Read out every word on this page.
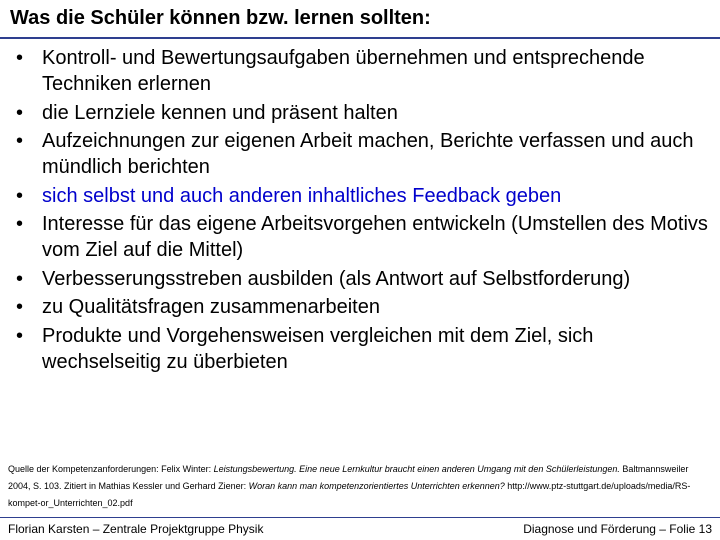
Was die Schüler können bzw. lernen sollten:
• Kontroll- und Bewertungsaufgaben übernehmen und entsprechende Techniken erlernen
• die Lernziele kennen und präsent halten
• Aufzeichnungen zur eigenen Arbeit machen, Berichte verfassen und auch mündlich berichten
• sich selbst und auch anderen inhaltliches Feedback geben
• Interesse für das eigene Arbeitsvorgehen entwickeln (Umstellen des Motivs vom Ziel auf die Mittel)
• Verbesserungsstreben ausbilden (als Antwort auf Selbstforderung)
• zu Qualitätsfragen zusammenarbeiten
• Produkte und Vorgehensweisen vergleichen mit dem Ziel, sich wechselseitig zu überbieten
Quelle der Kompetenzanforderungen: Felix Winter: Leistungsbewertung. Eine neue Lernkultur braucht einen anderen Umgang mit den Schülerleistungen. Baltmannsweiler 2004, S. 103. Zitiert in Mathias Kessler und Gerhard Ziener: Woran kann man kompetenzorientiertes Unterrichten erkennen? http://www.ptz-stuttgart.de/uploads/media/RS-kompet-or_Unterrichten_02.pdf
Florian Karsten – Zentrale Projektgruppe Physik	Diagnose und Förderung – Folie 13
